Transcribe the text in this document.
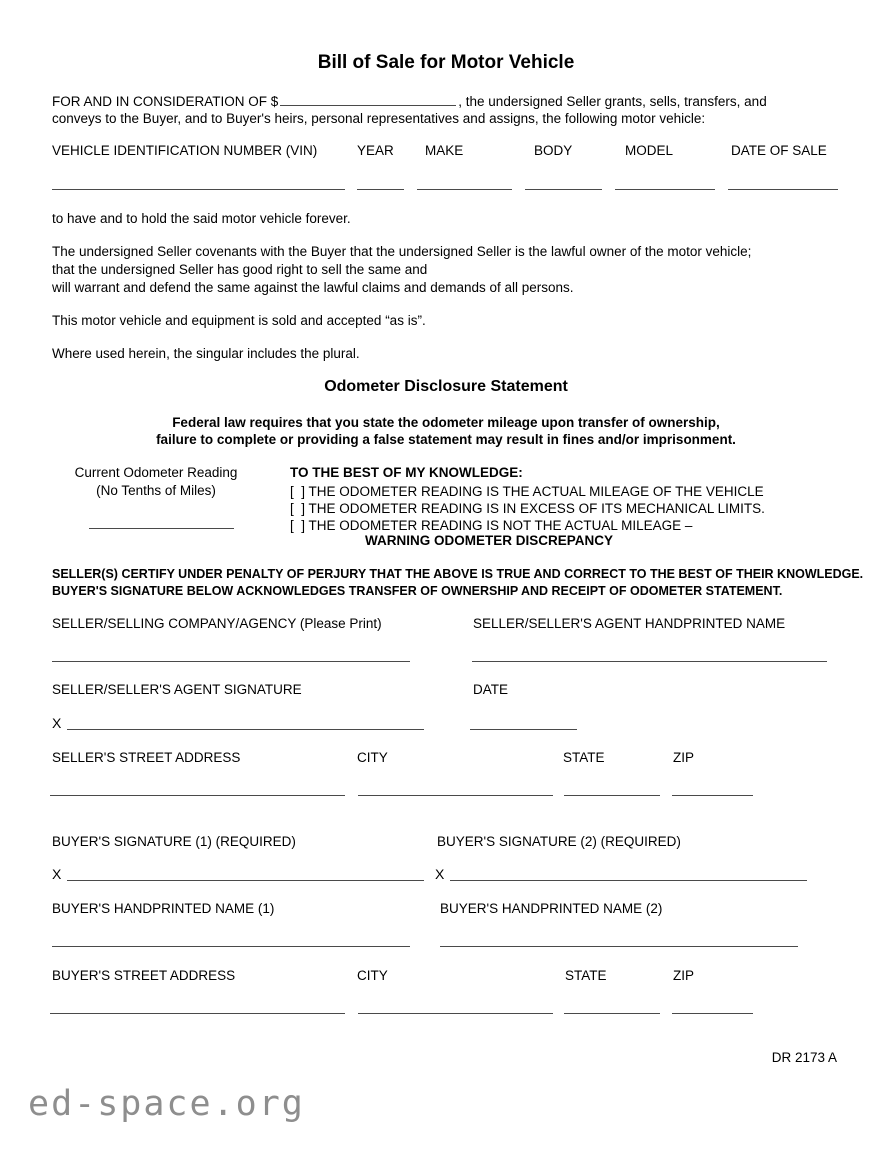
Bill of Sale for Motor Vehicle
FOR AND IN CONSIDERATION OF $	, the undersigned Seller grants, sells, transfers, and
conveys to the Buyer, and to Buyer's heirs, personal representatives and assigns, the following motor vehicle:
VEHICLE IDENTIFICATION NUMBER (VIN)	YEAR MAKE	BODY	MODEL	DATE OF SALE
to have and to hold the said motor vehicle forever.
The undersigned Seller covenants with the Buyer that the undersigned Seller is the lawful owner of the motor vehicle;
that the undersigned Seller has good right to sell the same and
will warrant and defend the same against the lawful claims and demands of all persons.
This motor vehicle and equipment is sold and accepted “as is”.
Where used herein, the singular includes the plural.
Odometer Disclosure Statement
Federal law requires that you state the odometer mileage upon transfer of ownership,
failure to complete or providing a false statement may result in fines and/or imprisonment.
Current Odometer Reading
(No Tenths of Miles)
TO THE BEST OF MY KNOWLEDGE:
[  ] THE ODOMETER READING IS THE ACTUAL MILEAGE OF THE VEHICLE
[  ] THE ODOMETER READING IS IN EXCESS OF ITS MECHANICAL LIMITS.
[  ] THE ODOMETER READING IS NOT THE ACTUAL MILEAGE –
WARNING ODOMETER DISCREPANCY
SELLER(S) CERTIFY UNDER PENALTY OF PERJURY THAT THE ABOVE IS TRUE AND CORRECT TO THE BEST OF THEIR KNOWLEDGE.
BUYER'S SIGNATURE BELOW ACKNOWLEDGES TRANSFER OF OWNERSHIP AND RECEIPT OF ODOMETER STATEMENT.
SELLER/SELLING COMPANY/AGENCY (Please Print)	SELLER/SELLER'S AGENT HANDPRINTED NAME
SELLER/SELLER'S AGENT SIGNATURE	DATE
X
SELLER'S STREET ADDRESS	CITY	STATE	ZIP
BUYER'S SIGNATURE (1) (REQUIRED)	BUYER'S SIGNATURE (2) (REQUIRED)
X	X
BUYER'S HANDPRINTED NAME (1)	BUYER'S HANDPRINTED NAME (2)
BUYER'S STREET ADDRESS	CITY	STATE	ZIP
DR 2173 A
ed-space.org
